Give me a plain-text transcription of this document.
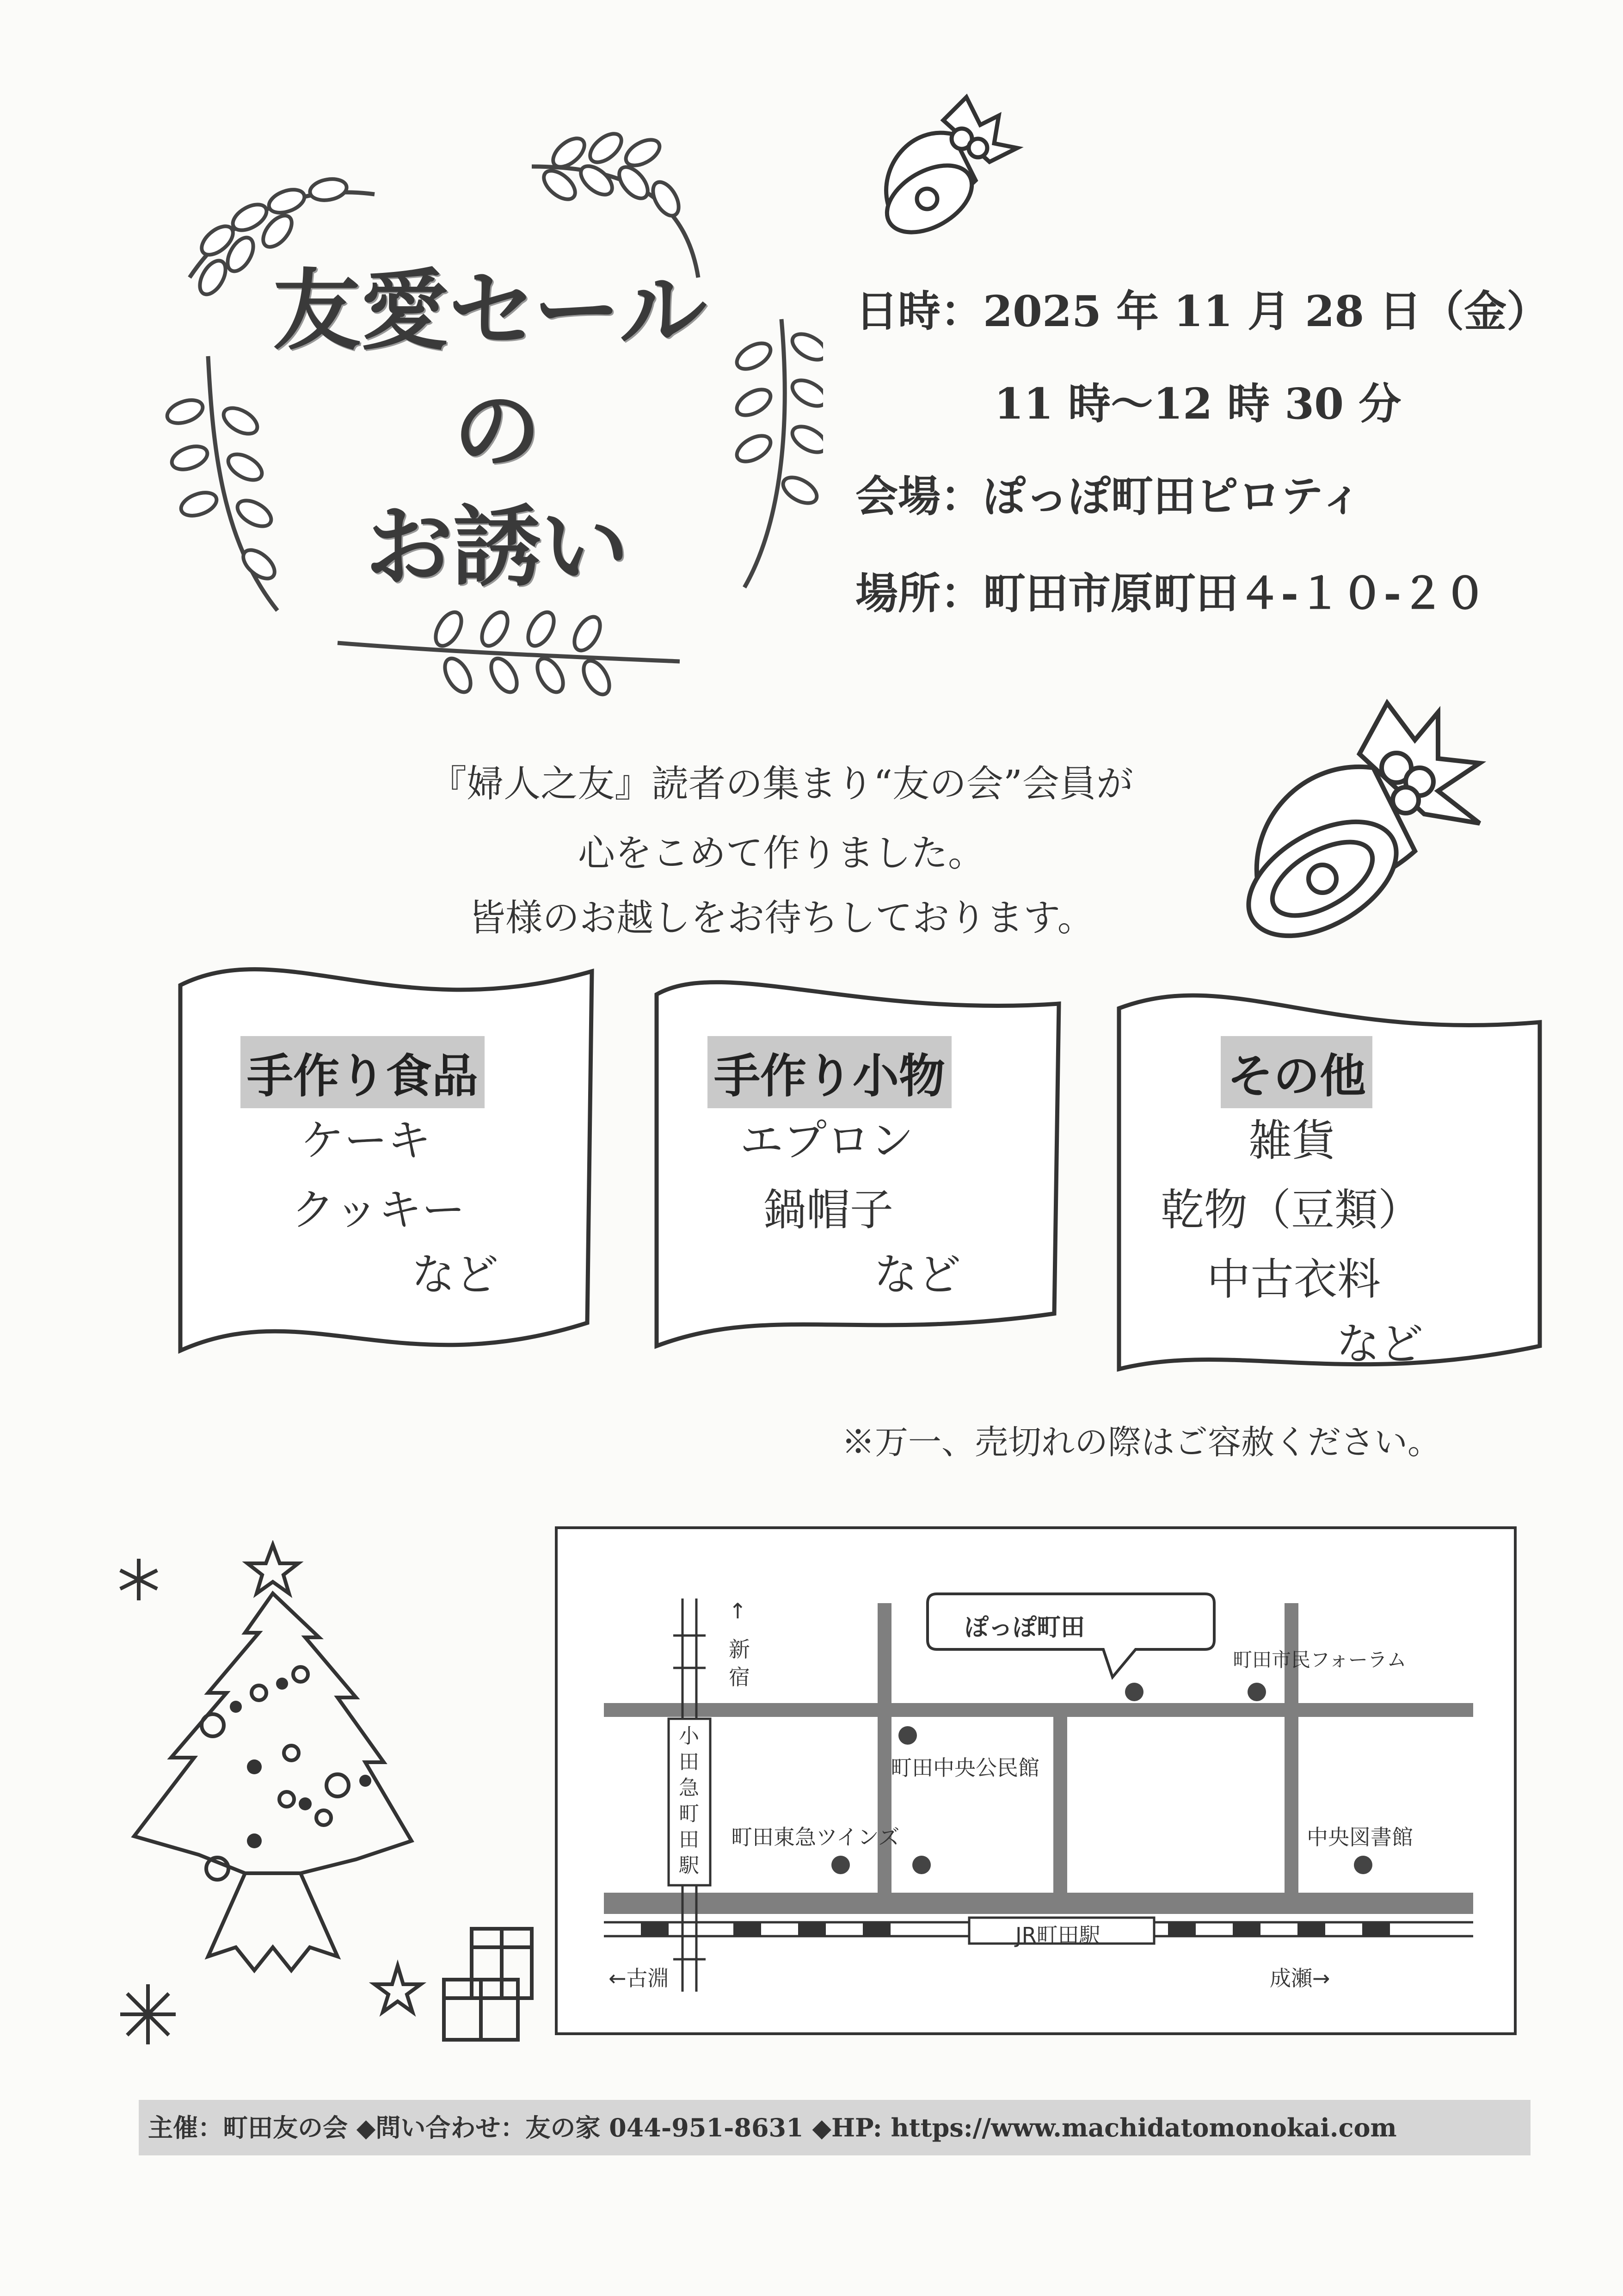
友愛セール
の
お誘い
日時：2025 年 11 月 28 日（金）
11 時～12 時 30 分
会場：ぽっぽ町田ピロティ
場所：町田市原町田４-１０-２０
『婦人之友』読者の集まり“友の会”会員が
心をこめて作りました。
皆様のお越しをお待ちしております。
手作り食品
ケーキ
クッキー
など
手作り小物
エプロン
鍋帽子
など
その他
雑貨
乾物（豆類）
中古衣料
など
※万一、売切れの際はご容赦ください。
ぽっぽ町田
↑
新
宿
町田市民フォーラム
小
田
急
町
田
駅
町田中央公民館
町田東急ツインズ	中央図書館
JR町田駅
←古淵	成瀬→
主催：町田友の会 ◆問い合わせ：友の家 044-951-8631 ◆HP: https://www.machidatomonokai.com
